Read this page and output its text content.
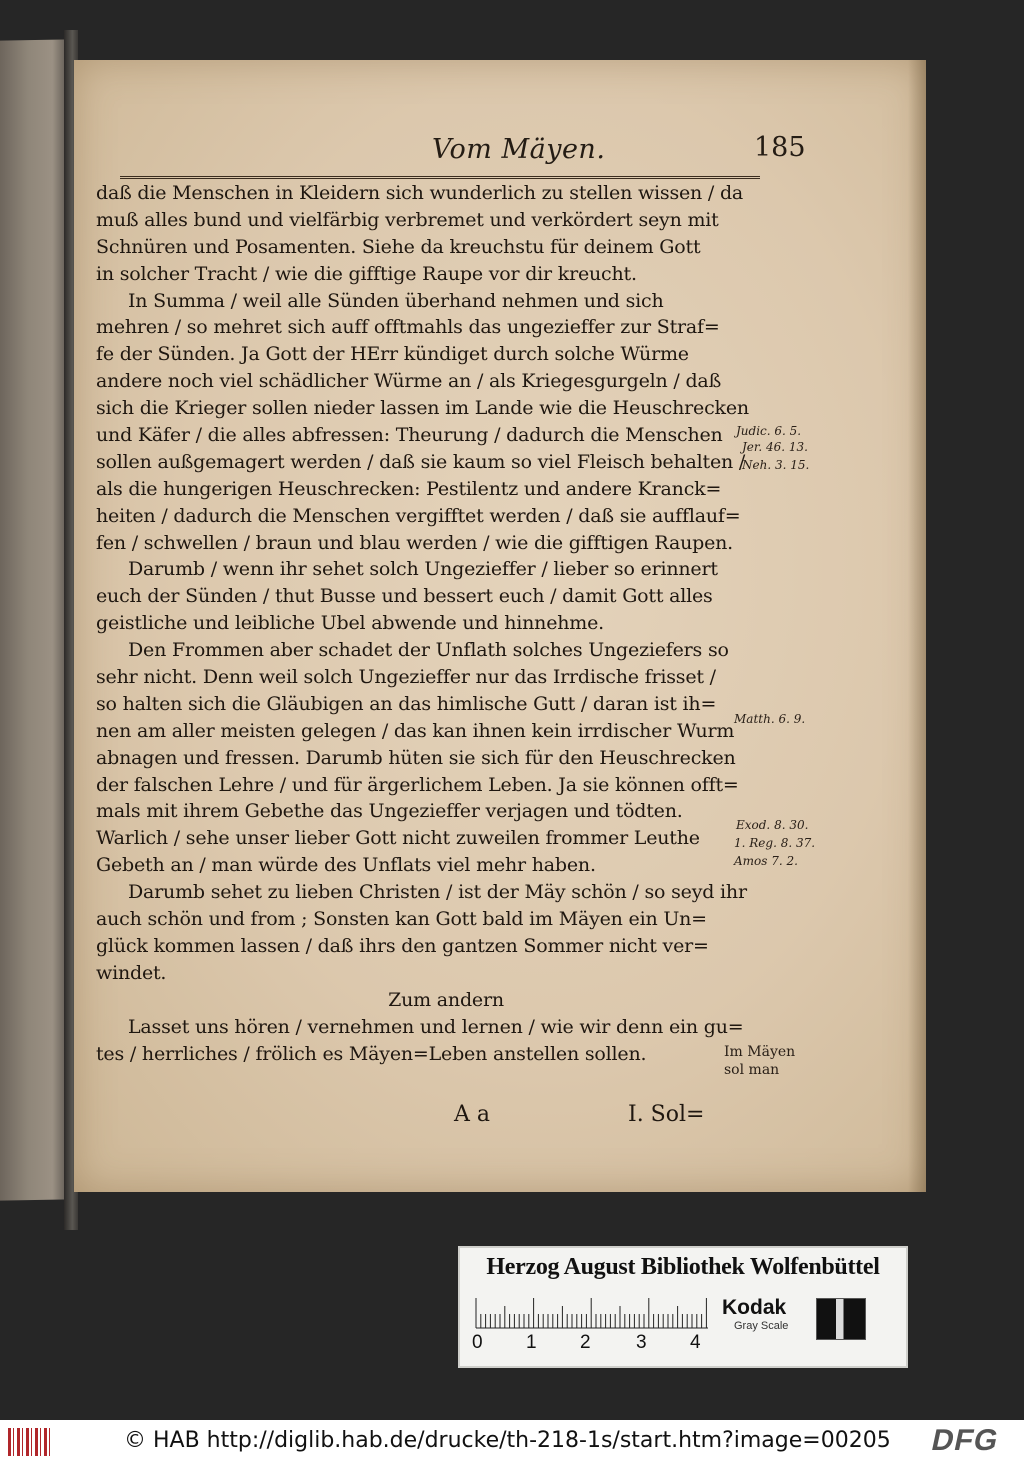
Vom Mäyen.	185
daß die Menschen in Kleidern sich wunderlich zu stellen wissen / da
muß alles bund und vielfärbig verbremet und verkördert seyn mit
Schnüren und Posamenten. Siehe da kreuchstu für deinem Gott
in solcher Tracht / wie die gifftige Raupe vor dir kreucht.
In Summa / weil alle Sünden überhand nehmen und sich
mehren / so mehret sich auff offtmahls das ungezieffer zur Straf=
fe der Sünden. Ja Gott der HErr kündiget durch solche Würme
andere noch viel schädlicher Würme an / als Kriegesgurgeln / daß
sich die Krieger sollen nieder lassen im Lande wie die Heuschrecken
und Käfer / die alles abfressen: Theurung / dadurch die Menschen
sollen außgemagert werden / daß sie kaum so viel Fleisch behalten /
als die hungerigen Heuschrecken: Pestilentz und andere Kranck=
heiten / dadurch die Menschen vergifftet werden / daß sie aufflauf=
fen / schwellen / braun und blau werden / wie die gifftigen Raupen.
Darumb / wenn ihr sehet solch Ungezieffer / lieber so erinnert
euch der Sünden / thut Busse und bessert euch / damit Gott alles
geistliche und leibliche Ubel abwende und hinnehme.
Den Frommen aber schadet der Unflath solches Ungeziefers so
sehr nicht. Denn weil solch Ungezieffer nur das Irrdische frisset /
so halten sich die Gläubigen an das himlische Gutt / daran ist ih=
nen am aller meisten gelegen / das kan ihnen kein irrdischer Wurm
abnagen und fressen. Darumb hüten sie sich für den Heuschrecken
der falschen Lehre / und für ärgerlichem Leben. Ja sie können offt=
mals mit ihrem Gebethe das Ungezieffer verjagen und tödten.
Warlich / sehe unser lieber Gott nicht zuweilen frommer Leuthe
Gebeth an / man würde des Unflats viel mehr haben.
Darumb sehet zu lieben Christen / ist der Mäy schön / so seyd ihr
auch schön und from ; Sonsten kan Gott bald im Mäyen ein Un=
glück kommen lassen / daß ihrs den gantzen Sommer nicht ver=
windet.
Zum andern
Lasset uns hören / vernehmen und lernen / wie wir denn ein gu=
tes / herrliches / frölich es Mäyen=Leben anstellen sollen.
Judic. 6. 5.
Jer. 46. 13.
Neh. 3. 15.
Matth. 6. 9.
Exod. 8. 30.
1. Reg. 8. 37.
Amos 7. 2.
Im Mäyen
sol man
A a	I. Sol=
Herzog August Bibliothek Wolfenbüttel
0 1 2 3 4
Kodak
Gray Scale
© HAB http://diglib.hab.de/drucke/th-218-1s/start.htm?image=00205 DFG
